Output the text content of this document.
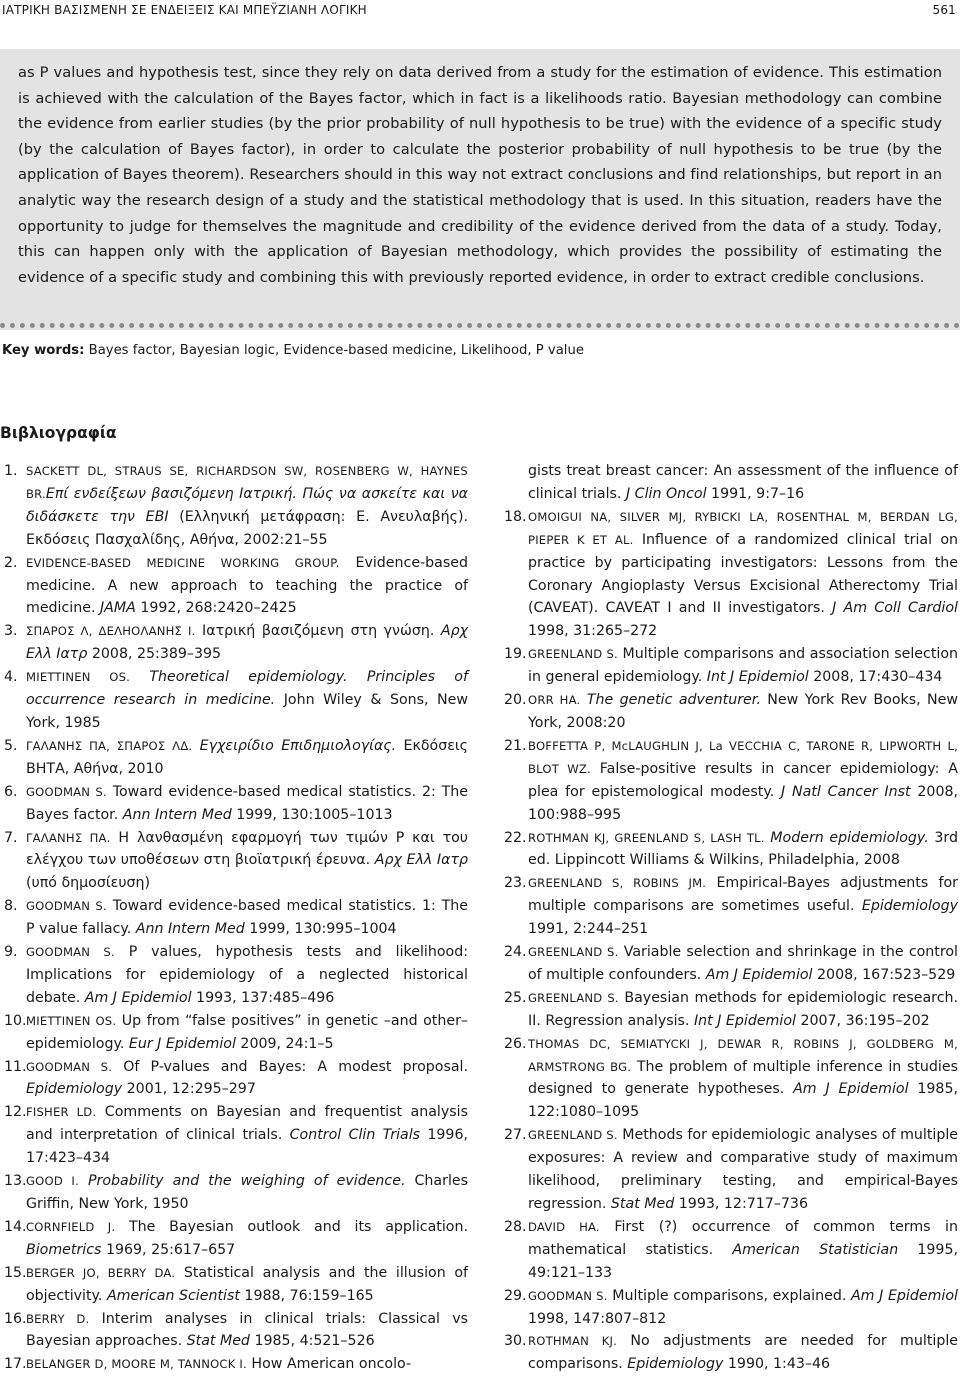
ΙΑΤΡΙΚΗ ΒΑΣΙΣΜΕΝΗ ΣΕ ΕΝΔΕΙΞΕΙΣ ΚΑΙ ΜΠΕΫΖΙΑΝΗ ΛΟΓΙΚΗ	561

as P values and hypothesis test, since they rely on data derived from a study for the estimation of evidence. This estimation is achieved with the calculation of the Bayes factor, which in fact is a likelihoods ratio. Bayesian methodology can combine the evidence from earlier studies (by the prior probability of null hypothesis to be true) with the evidence of a specific study (by the calculation of Bayes factor), in order to calculate the posterior probability of null hypothesis to be true (by the application of Bayes theorem). Researchers should in this way not extract conclusions and find relationships, but report in an analytic way the research design of a study and the statistical methodology that is used. In this situation, readers have the opportunity to judge for themselves the magnitude and credibility of the evidence derived from the data of a study. Today, this can happen only with the application of Bayesian methodology, which provides the possibility of estimating the evidence of a specific study and combining this with previously reported evidence, in order to extract credible conclusions.

Key words: Bayes factor, Bayesian logic, Evidence-based medicine, Likelihood, P value
Βιβλιογραφία
1. SACKETT DL, STRAUS SE, RICHARDSON SW, ROSENBERG W, HAYNES BR.Επί ενδείξεων βασιζόμενη Ιατρική. Πώς να ασκείτε και να διδάσκετε την EBI (Ελληνική μετάφραση: Ε. Ανευλαβής). Εκδόσεις Πασχαλίδης, Αθήνα, 2002:21–55
2. EVIDENCE-BASED MEDICINE WORKING GROUP. Evidence-based medicine. A new approach to teaching the practice of medicine. JAMA 1992, 268:2420–2425
3. ΣΠΑΡΟΣ Λ, ΔΕΛΗΟΛΑΝΗΣ Ι. Ιατρική βασιζόμενη στη γνώση. Αρχ Ελλ Ιατρ 2008, 25:389–395
4. MIETTINEN OS. Theoretical epidemiology. Principles of occurrence research in medicine. John Wiley & Sons, New York, 1985
5. ΓΑΛΑΝΗΣ ΠΑ, ΣΠΑΡΟΣ ΛΔ. Εγχειρίδιο Επιδημιολογίας. Εκδόσεις ΒΗΤΑ, Αθήνα, 2010
6. GOODMAN S. Toward evidence-based medical statistics. 2: The Bayes factor. Ann Intern Med 1999, 130:1005–1013
7. ΓΑΛΑΝΗΣ ΠΑ. Η λανθασμένη εφαρμογή των τιμών P και του ελέγχου των υποθέσεων στη βιοϊατρική έρευνα. Αρχ Ελλ Ιατρ (υπό δημοσίευση)
8. GOODMAN S. Toward evidence-based medical statistics. 1: The P value fallacy. Ann Intern Med 1999, 130:995–1004
9. GOODMAN S. P values, hypothesis tests and likelihood: Implications for epidemiology of a neglected historical debate. Am J Epidemiol 1993, 137:485–496
10. MIETTINEN OS. Up from “false positives” in genetic –and other– epidemiology. Eur J Epidemiol 2009, 24:1–5
11. GOODMAN S. Of P-values and Bayes: A modest proposal. Epidemiology 2001, 12:295–297
12. FISHER LD. Comments on Bayesian and frequentist analysis and interpretation of clinical trials. Control Clin Trials 1996, 17:423–434
13. GOOD I. Probability and the weighing of evidence. Charles Griffin, New York, 1950
14. CORNFIELD J. The Bayesian outlook and its application. Biometrics 1969, 25:617–657
15. BERGER JO, BERRY DA. Statistical analysis and the illusion of objectivity. American Scientist 1988, 76:159–165
16. BERRY D. Interim analyses in clinical trials: Classical vs Bayesian approaches. Stat Med 1985, 4:521–526
17. BELANGER D, MOORE M, TANNOCK I. How American oncolo-
gists treat breast cancer: An assessment of the influence of clinical trials. J Clin Oncol 1991, 9:7–16
18. OMOIGUI NA, SILVER MJ, RYBICKI LA, ROSENTHAL M, BERDAN LG, PIEPER K ET AL. Influence of a randomized clinical trial on practice by participating investigators: Lessons from the Coronary Angioplasty Versus Excisional Atherectomy Trial (CAVEAT). CAVEAT I and II investigators. J Am Coll Cardiol 1998, 31:265–272
19. GREENLAND S. Multiple comparisons and association selection in general epidemiology. Int J Epidemiol 2008, 17:430–434
20. ORR HA. The genetic adventurer. New York Rev Books, New York, 2008:20
21. BOFFETTA P, McLAUGHLIN J, La VECCHIA C, TARONE R, LIPWORTH L, BLOT WZ. False-positive results in cancer epidemiology: A plea for epistemological modesty. J Natl Cancer Inst 2008, 100:988–995
22. ROTHMAN KJ, GREENLAND S, LASH TL. Modern epidemiology. 3rd ed. Lippincott Williams & Wilkins, Philadelphia, 2008
23. GREENLAND S, ROBINS JM. Empirical-Bayes adjustments for multiple comparisons are sometimes useful. Epidemiology 1991, 2:244–251
24. GREENLAND S. Variable selection and shrinkage in the control of multiple confounders. Am J Epidemiol 2008, 167:523–529
25. GREENLAND S. Bayesian methods for epidemiologic research. II. Regression analysis. Int J Epidemiol 2007, 36:195–202
26. THOMAS DC, SEMIATYCKI J, DEWAR R, ROBINS J, GOLDBERG M, ARMSTRONG BG. The problem of multiple inference in studies designed to generate hypotheses. Am J Epidemiol 1985, 122:1080–1095
27. GREENLAND S. Methods for epidemiologic analyses of multiple exposures: A review and comparative study of maximum likelihood, preliminary testing, and empirical-Bayes regression. Stat Med 1993, 12:717–736
28. DAVID HA. First (?) occurrence of common terms in mathematical statistics. American Statistician 1995, 49:121–133
29. GOODMAN S. Multiple comparisons, explained. Am J Epidemiol 1998, 147:807–812
30. ROTHMAN KJ. No adjustments are needed for multiple comparisons. Epidemiology 1990, 1:43–46
